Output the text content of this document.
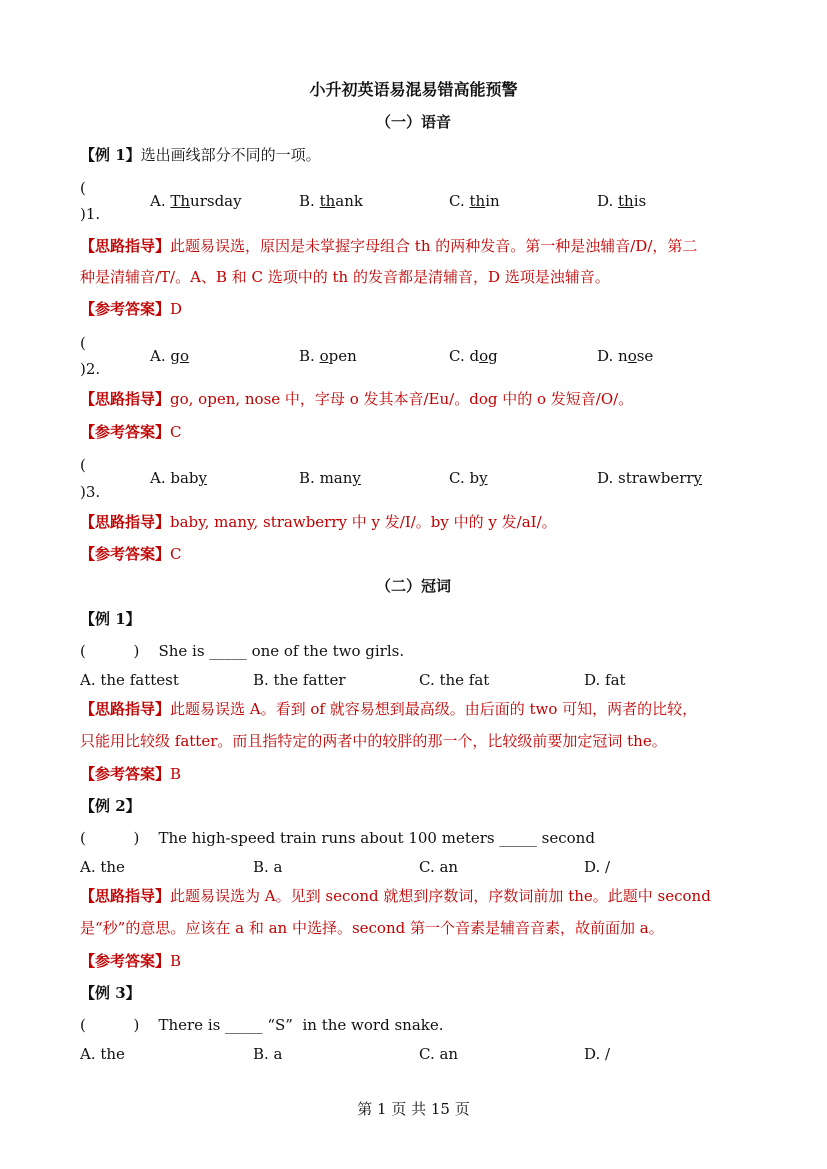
小升初英语易混易错高能预警
（一）语音
【例 1】选出画线部分不同的一项。
(
)1.
A. Thursday	B. thank	C. thin	D. this
【思路指导】此题易误选，原因是未掌握字母组合 th 的两种发音。第一种是浊辅音/D/，第二
种是清辅音/T/。A、B 和 C 选项中的 th 的发音都是清辅音，D 选项是浊辅音。
【参考答案】D
(
)2.
A. go	B. open	C. dog	D. nose
【思路指导】go, open, nose 中，字母 o 发其本音/Eu/。dog 中的 o 发短音/O/。
【参考答案】C
(
)3.
A. baby	B. many	C. by	D. strawberry
【思路指导】baby, many, strawberry 中 y 发/I/。by 中的 y 发/aI/。
【参考答案】C
（二）冠词
【例 1】
(          )    She is _____ one of the two girls.
A. the fattest	B. the fatter	C. the fat	D. fat
【思路指导】此题易误选 A。看到 of 就容易想到最高级。由后面的 two 可知，两者的比较，
只能用比较级 fatter。而且指特定的两者中的较胖的那一个，比较级前要加定冠词 the。
【参考答案】B
【例 2】
(          )    The high-speed train runs about 100 meters _____ second
A. the	B. a	C. an	D. /
【思路指导】此题易误选为 A。见到 second 就想到序数词，序数词前加 the。此题中 second
是“秒”的意思。应该在 a 和 an 中选择。second 第一个音素是辅音音素，故前面加 a。
【参考答案】B
【例 3】
(          )    There is _____ “S”  in the word snake.
A. the	B. a	C. an	D. /
第 1 页 共 15 页
